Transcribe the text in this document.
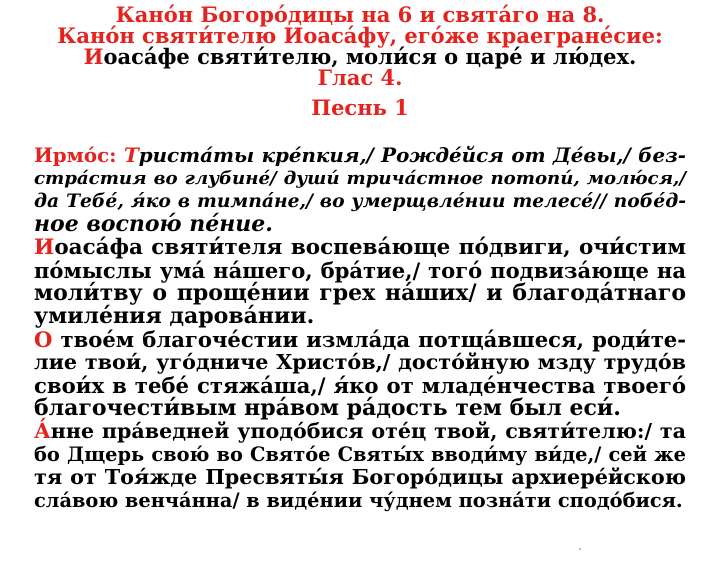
Кано́н Богоро́дицы на 6 и свята́го на 8.
Кано́н святи́телю Иоаса́фу, его́же краегране́сие:
Иоаса́фе святи́телю, моли́ся о царе́ и лю́дех.
Глас 4.
Песнь 1
Ирмо́с: Триста́ты кре́пкия,/ Рожде́йся от Де́вы,/ без-
стра́стия во глубине́/ души́ трича́стное потопи́, молю́ся,/
да Тебе́, я́ко в тимпа́не,/ во умерщвле́нии телесе́// побе́д-
ное воспою́ пе́ние.
Иоаса́фа святи́теля воспева́юще по́двиги, очи́стим
по́мыслы ума́ на́шего, бра́тие,/ того́ подвиза́юще на
моли́тву о проще́нии грех на́ших/ и благода́тнаго
умиле́ния дарова́нии.
О твое́м благоче́стии измла́да потща́вшеся, роди́те-
лие твои́, уго́дниче Христо́в,/ досто́йную мзду трудо́в
свои́х в тебе́ стяжа́ша,/ я́ко от младе́нчества твоего́
благочести́вым нра́вом ра́дость тем был еси́.
А́нне пра́ведней уподо́бися оте́ц твой, святи́телю:/ та
бо Дщерь свою́ во Свято́е Святы́х вводи́му ви́де,/ сей же
тя от Тоя́жде Пресвяты́я Богоро́дицы архиере́йскою
сла́вою венча́нна/ в виде́нии чу́днем позна́ти сподо́бися.
